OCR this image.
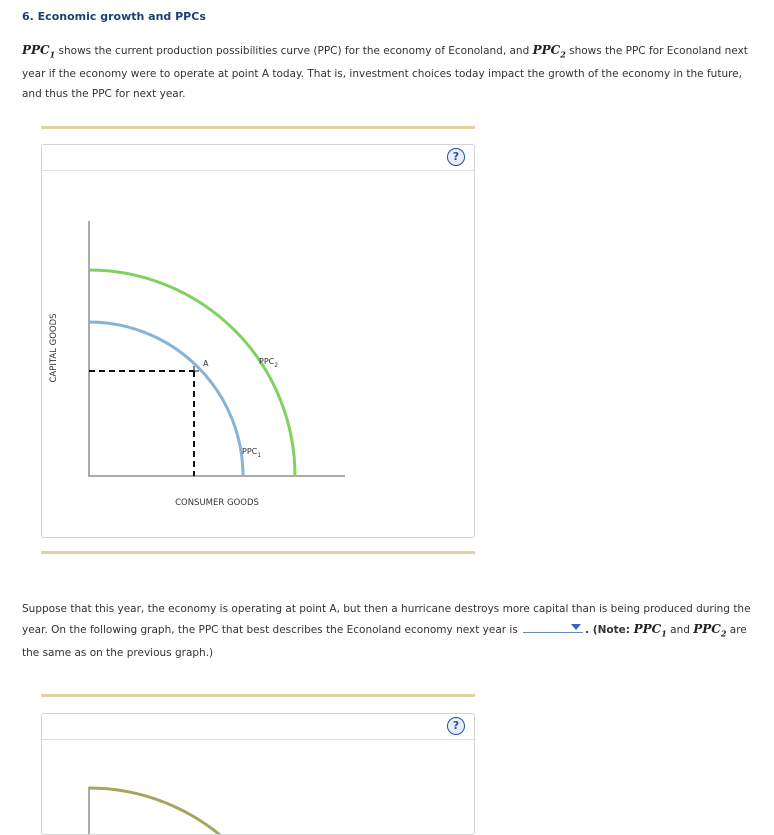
6. Economic growth and PPCs
$PPC_1$ shows the current production possibilities curve (PPC) for the economy of Econoland, and $PPC_2$ shows the PPC for Econoland next year if the economy were to operate at point A today. That is, investment choices today impact the growth of the economy in the future, and thus the PPC for next year.
?
A	$PPC_2$
$PPC_1$
CONSUMER GOODS
CAPITAL GOODS
Suppose that this year, the economy is operating at point A, but then a hurricane destroys more capital than is being produced during the year. On the following graph, the PPC that best describes the Econoland economy next year is	. (Note: $PPC_1$ and $PPC_2$ are the same as on the previous graph.)
?
